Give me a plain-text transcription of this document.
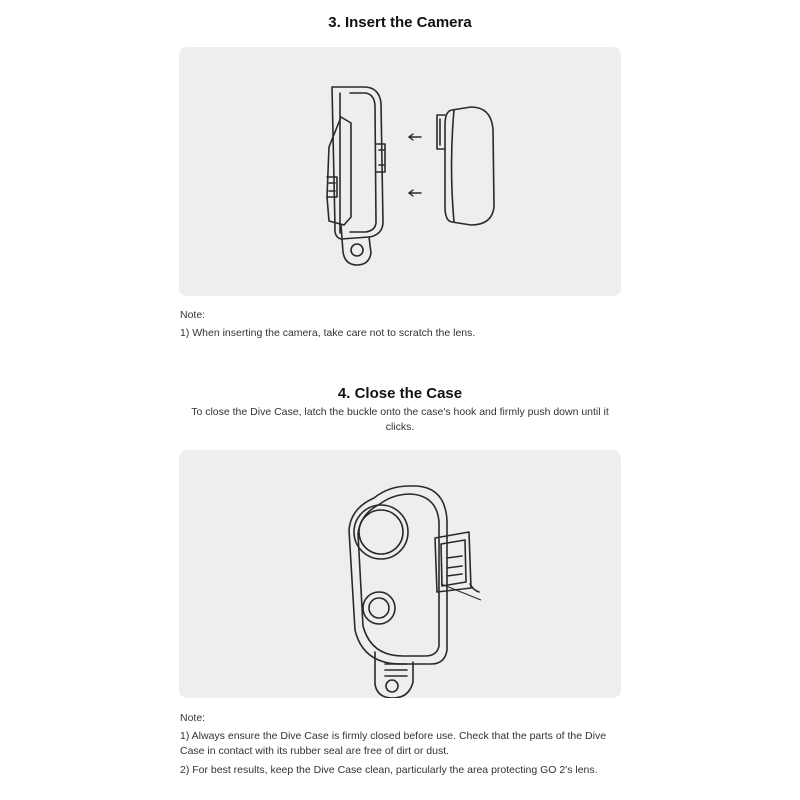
3. Insert the Camera

Note:

1) When inserting the camera, take care not to scratch the lens.

4. Close the Case

To close the Dive Case, latch the buckle onto the case's hook and firmly push down until it

clicks.

Note:

1) Always ensure the Dive Case is firmly closed before use. Check that the parts of the Dive

Case in contact with its rubber seal are free of dirt or dust.

2) For best results, keep the Dive Case clean, particularly the area protecting GO 2's lens.
